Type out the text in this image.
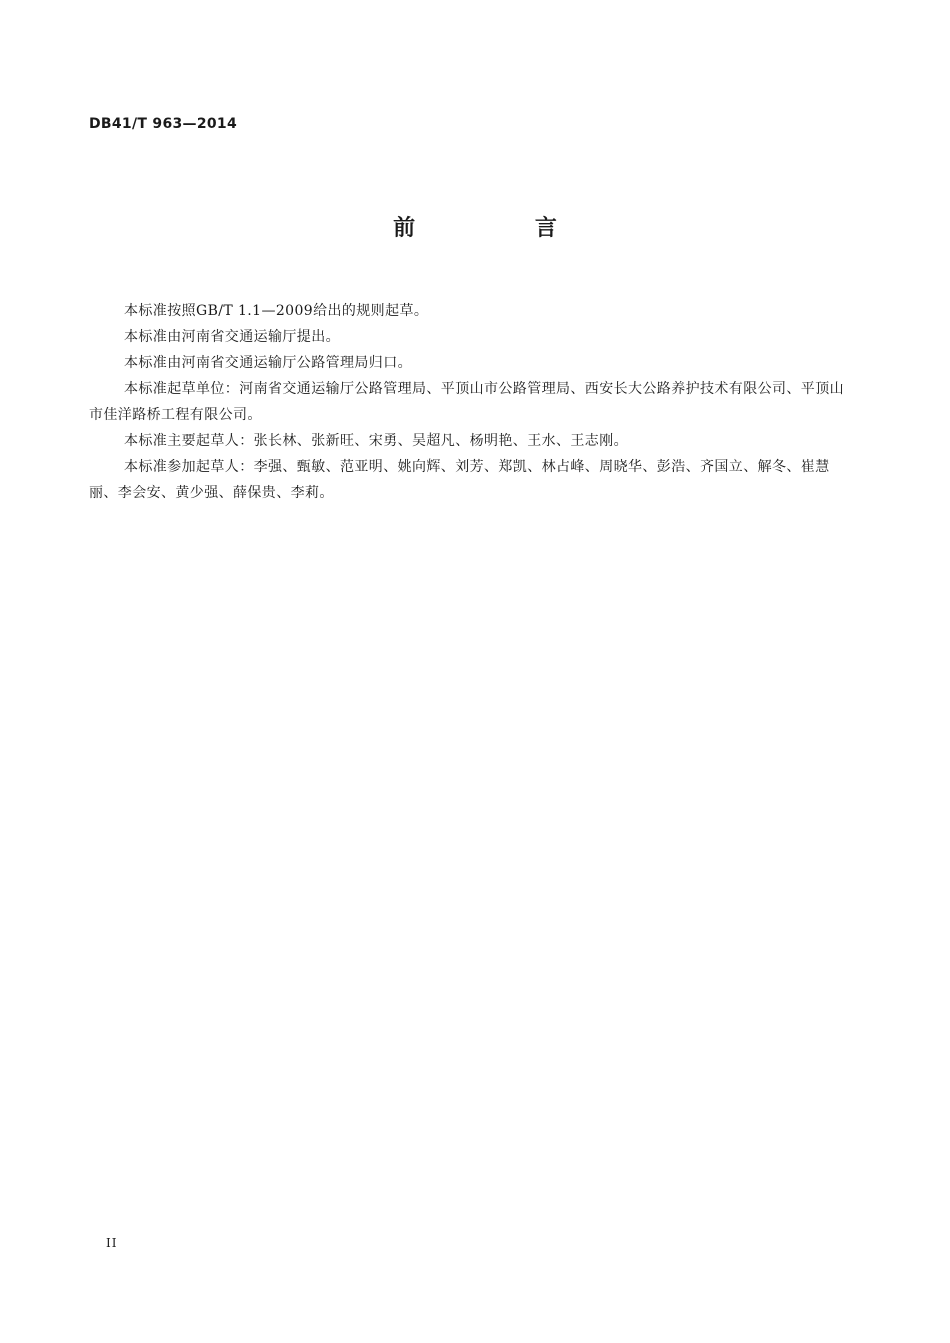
DB41/T 963—2014
前 言

本标准按照GB/T 1.1—2009给出的规则起草。

本标准由河南省交通运输厅提出。

本标准由河南省交通运输厅公路管理局归口。

本标准起草单位：河南省交通运输厅公路管理局、平顶山市公路管理局、西安长大公路养护技术有限公司、平顶山市佳洋路桥工程有限公司。

本标准主要起草人：张长林、张新旺、宋勇、吴超凡、杨明艳、王水、王志刚。

本标准参加起草人：李强、甄敏、范亚明、姚向辉、刘芳、郑凯、林占峰、周晓华、彭浩、齐国立、解冬、崔慧丽、李会安、黄少强、薛保贵、李莉。

II
